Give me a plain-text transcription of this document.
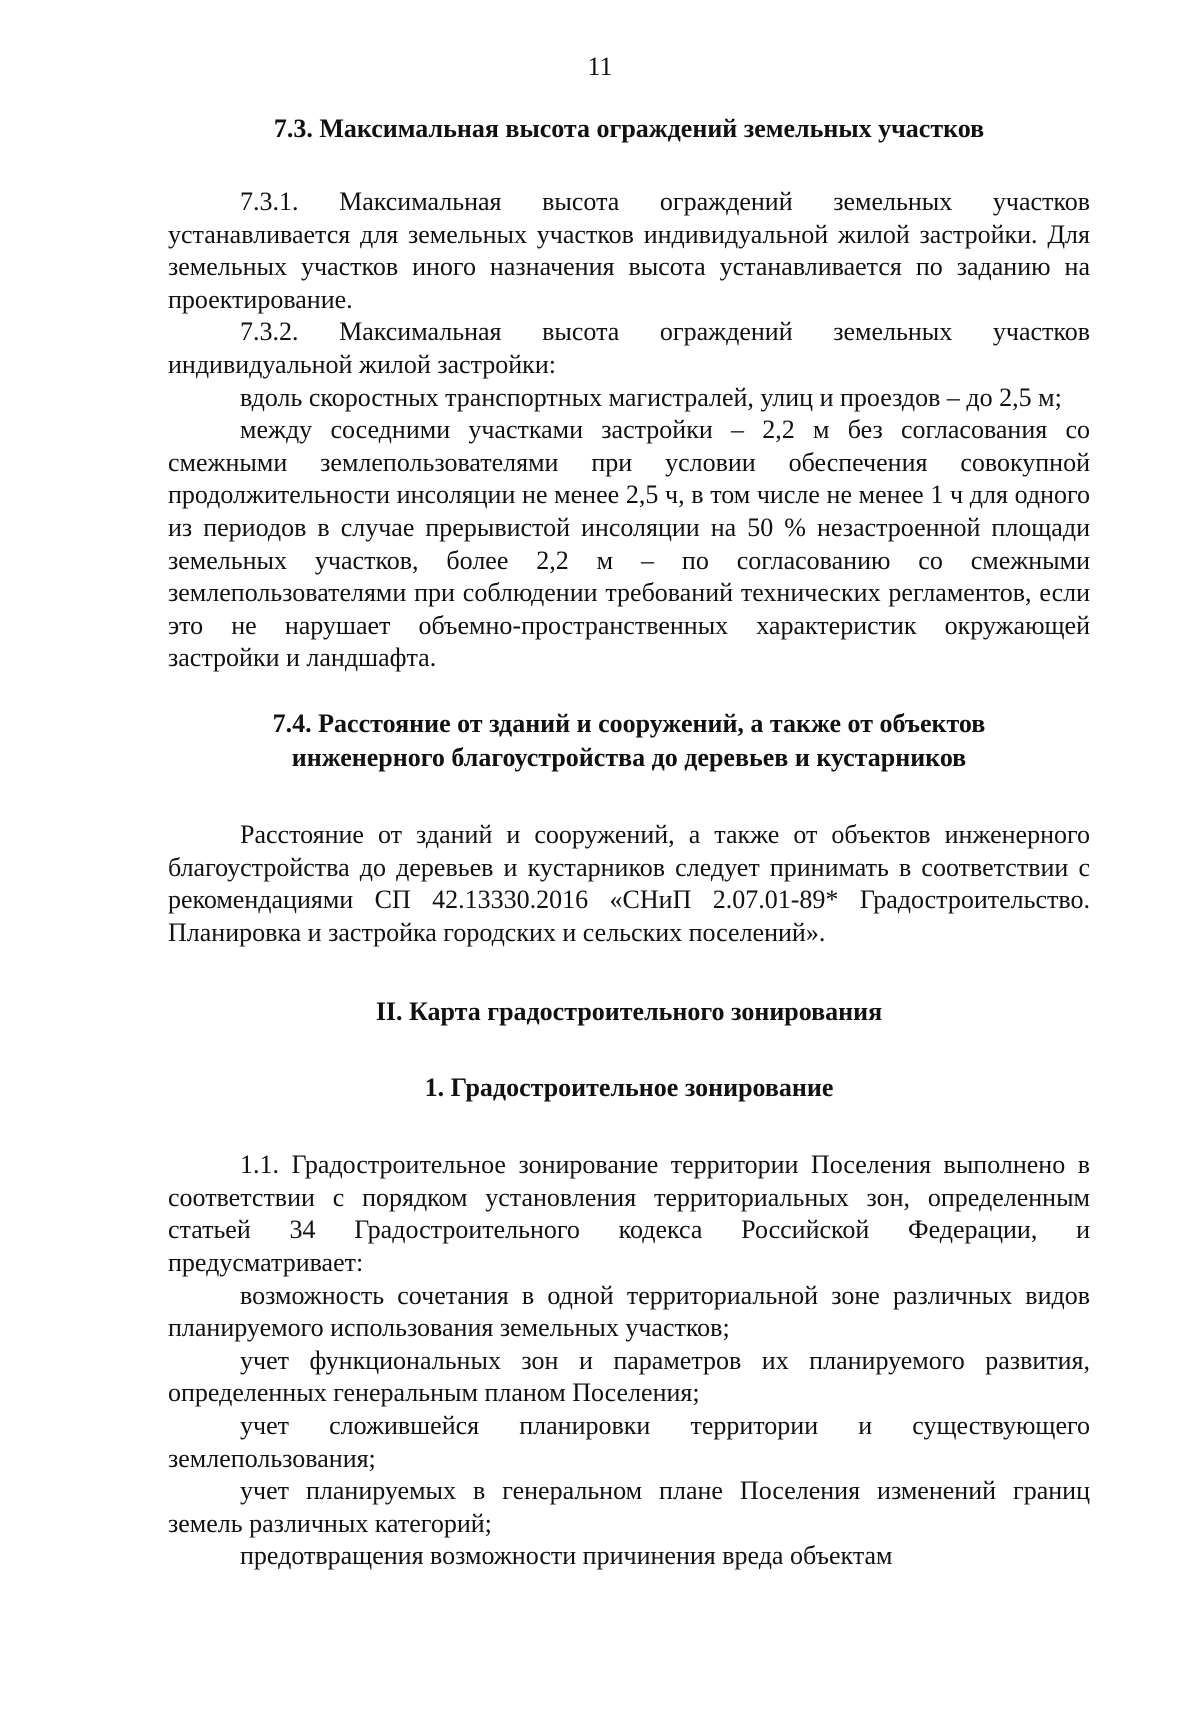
11

7.3. Максимальная высота ограждений земельных участков

7.3.1. Максимальная высота ограждений земельных участков устанавливается для земельных участков индивидуальной жилой застройки. Для земельных участков иного назначения высота устанавливается по заданию на проектирование.

7.3.2. Максимальная высота ограждений земельных участков индивидуальной жилой застройки:

вдоль скоростных транспортных магистралей, улиц и проездов – до 2,5 м;

между соседними участками застройки – 2,2 м без согласования со смежными землепользователями при условии обеспечения совокупной продолжительности инсоляции не менее 2,5 ч, в том числе не менее 1 ч для одного из периодов в случае прерывистой инсоляции на 50 % незастроенной площади земельных участков, более 2,2 м – по согласованию со смежными землепользователями при соблюдении требований технических регламентов, если это не нарушает объемно-пространственных характеристик окружающей застройки и ландшафта.

7.4. Расстояние от зданий и сооружений, а также от объектов

инженерного благоустройства до деревьев и кустарников

Расстояние от зданий и сооружений, а также от объектов инженерного благоустройства до деревьев и кустарников следует принимать в соответствии с рекомендациями СП 42.13330.2016 «СНиП 2.07.01-89* Градостроительство. Планировка и застройка городских и сельских поселений».

II. Карта градостроительного зонирования

1. Градостроительное зонирование

1.1. Градостроительное зонирование территории Поселения выполнено в соответствии с порядком установления территориальных зон, определенным статьей 34 Градостроительного кодекса Российской Федерации, и предусматривает:

возможность сочетания в одной территориальной зоне различных видов планируемого использования земельных участков;

учет функциональных зон и параметров их планируемого развития, определенных генеральным планом Поселения;

учет сложившейся планировки территории и существующего землепользования;

учет планируемых в генеральном плане Поселения изменений границ земель различных категорий;

предотвращения возможности причинения вреда объектам
